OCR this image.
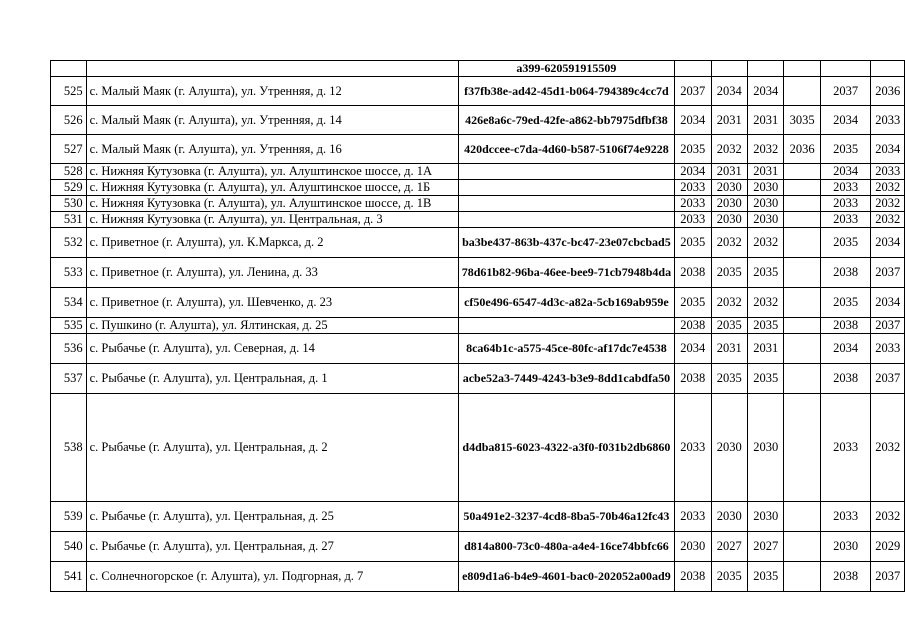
		a399-620591915509						
525	с. Малый Маяк (г. Алушта), ул. Утренняя, д. 12	f37fb38e-ad42-45d1-b064-794389c4cc7d	2037	2034	2034		2037	2036
526	с. Малый Маяк (г. Алушта), ул. Утренняя, д. 14	426e8a6c-79ed-42fe-a862-bb7975dfbf38	2034	2031	2031	3035	2034	2033
527	с. Малый Маяк (г. Алушта), ул. Утренняя, д. 16	420dccee-c7da-4d60-b587-5106f74e9228	2035	2032	2032	2036	2035	2034
528	с. Нижняя Кутузовка (г. Алушта), ул. Алуштинское шоссе, д. 1А		2034	2031	2031		2034	2033
529	с. Нижняя Кутузовка (г. Алушта), ул. Алуштинское шоссе, д. 1Б		2033	2030	2030		2033	2032
530	с. Нижняя Кутузовка (г. Алушта), ул. Алуштинское шоссе, д. 1В		2033	2030	2030		2033	2032
531	с. Нижняя Кутузовка (г. Алушта), ул. Центральная, д. 3		2033	2030	2030		2033	2032
532	с. Приветное (г. Алушта), ул. К.Маркса, д. 2	ba3be437-863b-437c-bc47-23e07cbcbad5	2035	2032	2032		2035	2034
533	с. Приветное (г. Алушта), ул. Ленина, д. 33	78d61b82-96ba-46ee-bee9-71cb7948b4da	2038	2035	2035		2038	2037
534	с. Приветное (г. Алушта), ул. Шевченко, д. 23	cf50e496-6547-4d3c-a82a-5cb169ab959e	2035	2032	2032		2035	2034
535	с. Пушкино (г. Алушта), ул. Ялтинская, д. 25		2038	2035	2035		2038	2037
536	с. Рыбачье (г. Алушта), ул. Северная, д. 14	8ca64b1c-a575-45ce-80fc-af17dc7e4538	2034	2031	2031		2034	2033
537	с. Рыбачье (г. Алушта), ул. Центральная, д. 1	acbe52a3-7449-4243-b3e9-8dd1cabdfa50	2038	2035	2035		2038	2037
538	с. Рыбачье (г. Алушта), ул. Центральная, д. 2	d4dba815-6023-4322-a3f0-f031b2db6860	2033	2030	2030		2033	2032
539	с. Рыбачье (г. Алушта), ул. Центральная, д. 25	50a491e2-3237-4cd8-8ba5-70b46a12fc43	2033	2030	2030		2033	2032
540	с. Рыбачье (г. Алушта), ул. Центральная, д. 27	d814a800-73c0-480a-a4e4-16ce74bbfc66	2030	2027	2027		2030	2029
541	с. Солнечногорское (г. Алушта), ул. Подгорная, д. 7	e809d1a6-b4e9-4601-bac0-202052a00ad9	2038	2035	2035		2038	2037
